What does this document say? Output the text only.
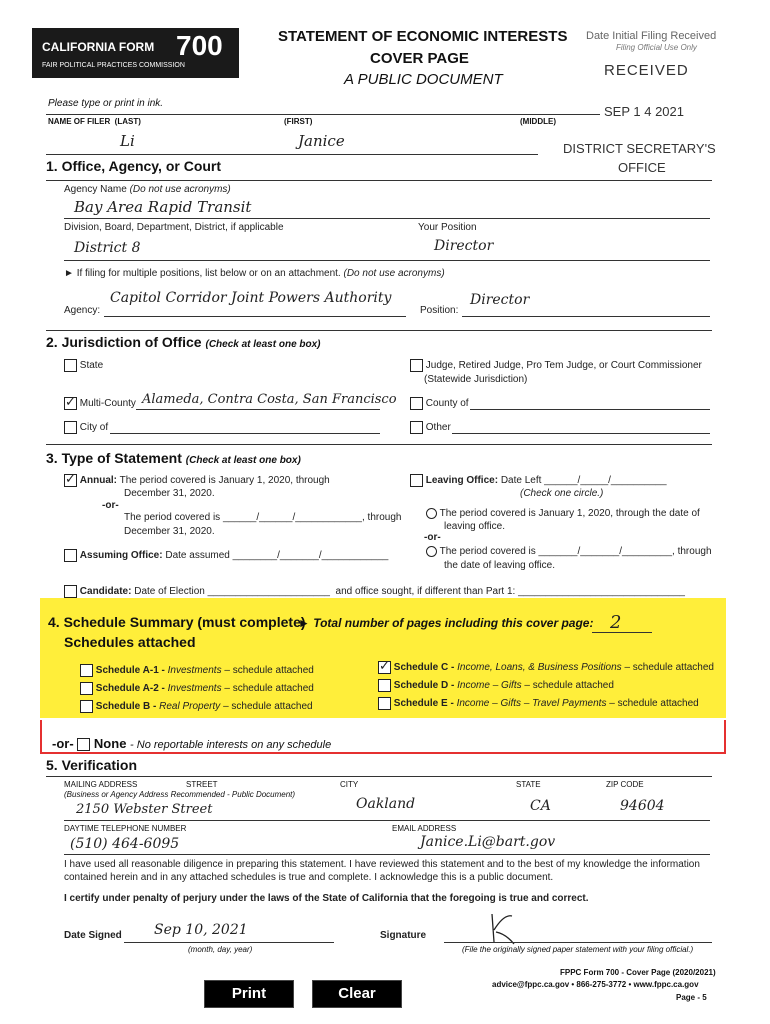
CALIFORNIA FORM 700
FAIR POLITICAL PRACTICES COMMISSION
STATEMENT OF ECONOMIC INTERESTS
COVER PAGE
A PUBLIC DOCUMENT
Date Initial Filing Received
Filing Official Use Only
RECEIVED
SEP 1 4 2021
DISTRICT SECRETARY'S
OFFICE
Please type or print in ink.
NAME OF FILER (LAST)	(FIRST)	(MIDDLE)
Li	Janice
1. Office, Agency, or Court
Agency Name (Do not use acronyms)
Bay Area Rapid Transit
Division, Board, Department, District, if applicable	Your Position
District 8	Director
► If filing for multiple positions, list below or on an attachment. (Do not use acronyms)
Agency:
Capitol Corridor Joint Powers Authority
Position:
Director
2. Jurisdiction of Office (Check at least one box)
State	Judge, Retired Judge, Pro Tem Judge, or Court Commissioner
(Statewide Jurisdiction)
✓ Multi-County Alameda, Contra Costa, San Francisco	County of
City of	Other
3. Type of Statement (Check at least one box)
✓ Annual: The period covered is January 1, 2020, through
December 31, 2020.
-or-
The period covered is ______/______/____________, through
December 31, 2020.
Assuming Office: Date assumed ________/_______/____________
Leaving Office: Date Left ______/_____/__________
(Check one circle.)
The period covered is January 1, 2020, through the date of
leaving office.
-or-
The period covered is _______/_______/_________, through
the date of leaving office.
Candidate: Date of Election ______________________  and office sought, if different than Part 1: ______________________________
4. Schedule Summary (must complete)
► Total number of pages including this cover page: 2
Schedules attached
Schedule A-1 - Investments – schedule attached
Schedule A-2 - Investments – schedule attached
Schedule B - Real Property – schedule attached
✓ Schedule C - Income, Loans, & Business Positions – schedule attached
Schedule D - Income – Gifts – schedule attached
Schedule E - Income – Gifts – Travel Payments – schedule attached
-or- None - No reportable interests on any schedule
5. Verification
MAILING ADDRESS	STREET	CITY	STATE	ZIP CODE
(Business or Agency Address Recommended - Public Document)
2150 Webster Street	Oakland	CA	94604
DAYTIME TELEPHONE NUMBER	EMAIL ADDRESS
(510) 464-6095	Janice.Li@bart.gov
I have used all reasonable diligence in preparing this statement. I have reviewed this statement and to the best of my knowledge the information contained herein and in any attached schedules is true and complete. I acknowledge this is a public document.
I certify under penalty of perjury under the laws of the State of California that the foregoing is true and correct.
Date Signed Sep 10, 2021
(month, day, year)
Signature
(File the originally signed paper statement with your filing official.)
FPPC Form 700 - Cover Page (2020/2021)
advice@fppc.ca.gov • 866-275-3772 • www.fppc.ca.gov
Page - 5
Print	Clear
